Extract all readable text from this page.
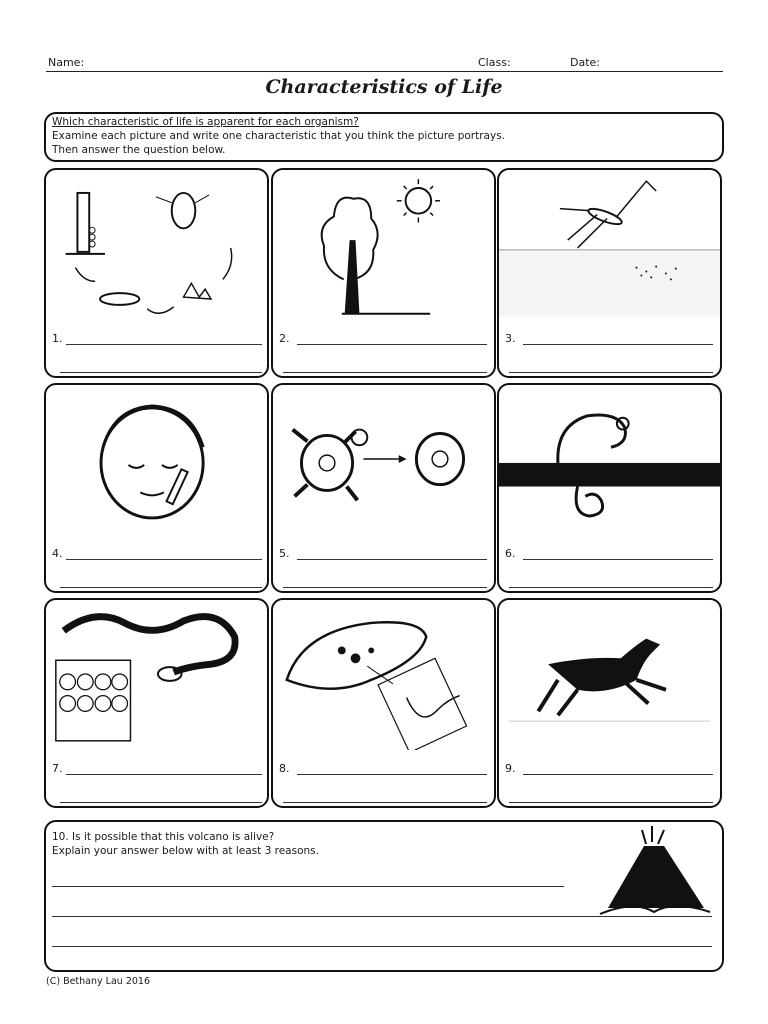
Name:	Class:	Date:
Characteristics of Life
Which characteristic of life is apparent for each organism?
Examine each picture and write one characteristic that you think the picture portrays.
Then answer the question below.
1.	2.	3.
4.	5.	6.
7.	8.	9.
10. Is it possible that this volcano is alive?
Explain your answer below with at least 3 reasons.
(C) Bethany Lau 2016
